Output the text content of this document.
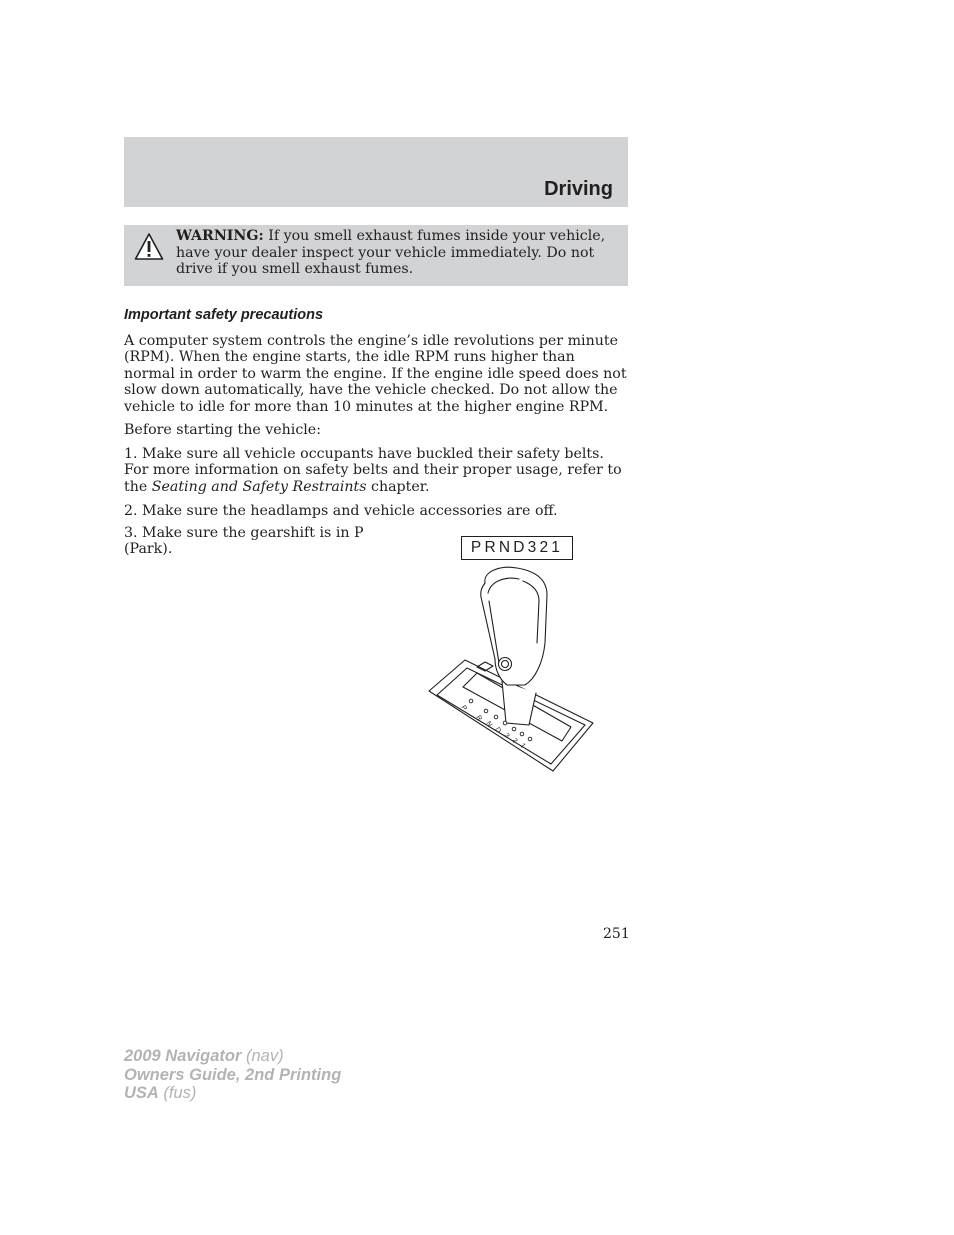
Driving
WARNING: If you smell exhaust fumes inside your vehicle, have your dealer inspect your vehicle immediately. Do not drive if you smell exhaust fumes.
Important safety precautions

A computer system controls the engine’s idle revolutions per minute (RPM). When the engine starts, the idle RPM runs higher than normal in order to warm the engine. If the engine idle speed does not slow down automatically, have the vehicle checked. Do not allow the vehicle to idle for more than 10 minutes at the higher engine RPM.

Before starting the vehicle:

1. Make sure all vehicle occupants have buckled their safety belts. For more information on safety belts and their proper usage, refer to the Seating and Safety Restraints chapter.

2. Make sure the headlamps and vehicle accessories are off.

3. Make sure the gearshift is in P (Park).	PRND321
P
R
N
D
3
2
1

251

2009 Navigator (nav)
Owners Guide, 2nd Printing
USA (fus)
